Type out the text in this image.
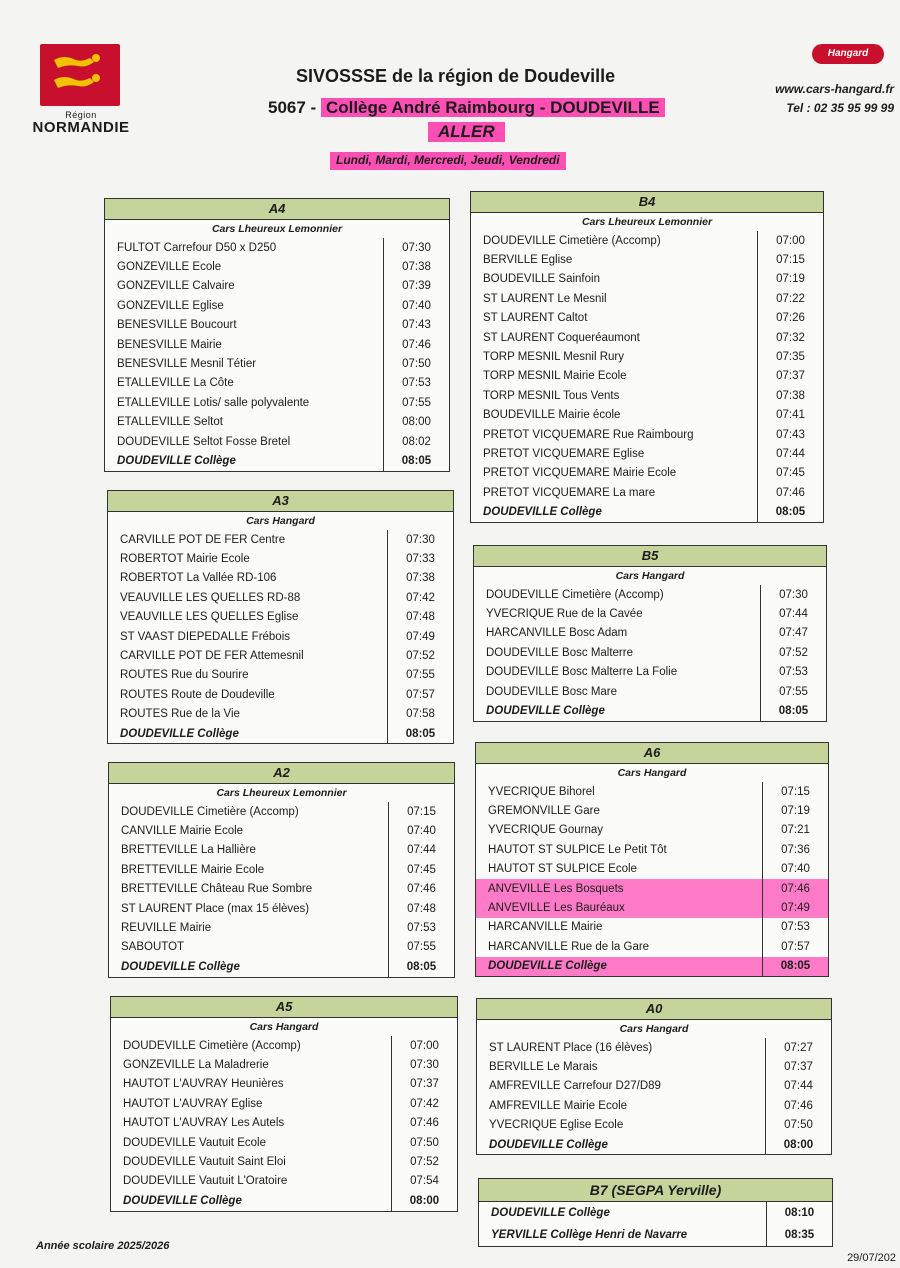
Région
NORMANDIE
SIVOSSSE de la région de Doudeville
5067 - Collège André Raimbourg - DOUDEVILLE
ALLER
Lundi, Mardi, Mercredi, Jeudi, Vendredi
Hangard
www.cars-hangard.fr
Tel : 02 35 95 99 99
A4
Cars Lheureux Lemonnier
FULTOT Carrefour D50 x D250	07:30
GONZEVILLE Ecole	07:38
GONZEVILLE Calvaire	07:39
GONZEVILLE Eglise	07:40
BENESVILLE Boucourt	07:43
BENESVILLE Mairie	07:46
BENESVILLE Mesnil Tétier	07:50
ETALLEVILLE La Côte	07:53
ETALLEVILLE Lotis/ salle polyvalente	07:55
ETALLEVILLE Seltot	08:00
DOUDEVILLE Seltot Fosse Bretel	08:02
DOUDEVILLE Collège	08:05
A3
Cars Hangard
CARVILLE POT DE FER Centre	07:30
ROBERTOT Mairie Ecole	07:33
ROBERTOT La Vallée RD-106	07:38
VEAUVILLE LES QUELLES RD-88	07:42
VEAUVILLE LES QUELLES Eglise	07:48
ST VAAST DIEPEDALLE Frébois	07:49
CARVILLE POT DE FER Attemesnil	07:52
ROUTES Rue du Sourire	07:55
ROUTES Route de Doudeville	07:57
ROUTES Rue de la Vie	07:58
DOUDEVILLE Collège	08:05
A2
Cars Lheureux Lemonnier
DOUDEVILLE Cimetière (Accomp)	07:15
CANVILLE Mairie Ecole	07:40
BRETTEVILLE La Hallière	07:44
BRETTEVILLE Mairie Ecole	07:45
BRETTEVILLE Château Rue Sombre	07:46
ST LAURENT Place (max 15 élèves)	07:48
REUVILLE Mairie	07:53
SABOUTOT	07:55
DOUDEVILLE Collège	08:05
A5
Cars Hangard
DOUDEVILLE Cimetière (Accomp)	07:00
GONZEVILLE La Maladrerie	07:30
HAUTOT L'AUVRAY Heunières	07:37
HAUTOT L'AUVRAY Eglise	07:42
HAUTOT L'AUVRAY Les Autels	07:46
DOUDEVILLE Vautuit Ecole	07:50
DOUDEVILLE Vautuit Saint Eloi	07:52
DOUDEVILLE Vautuit L'Oratoire	07:54
DOUDEVILLE Collège	08:00
B4
Cars Lheureux Lemonnier
DOUDEVILLE Cimetière (Accomp)	07:00
BERVILLE Eglise	07:15
BOUDEVILLE Sainfoin	07:19
ST LAURENT Le Mesnil	07:22
ST LAURENT Caltot	07:26
ST LAURENT Coqueréaumont	07:32
TORP MESNIL Mesnil Rury	07:35
TORP MESNIL Mairie Ecole	07:37
TORP MESNIL Tous Vents	07:38
BOUDEVILLE Mairie école	07:41
PRETOT VICQUEMARE Rue Raimbourg	07:43
PRETOT VICQUEMARE Eglise	07:44
PRETOT VICQUEMARE Mairie Ecole	07:45
PRETOT VICQUEMARE La mare	07:46
DOUDEVILLE Collège	08:05
B5
Cars Hangard
DOUDEVILLE Cimetière (Accomp)	07:30
YVECRIQUE Rue de la Cavée	07:44
HARCANVILLE Bosc Adam	07:47
DOUDEVILLE Bosc Malterre	07:52
DOUDEVILLE Bosc Malterre La Folie	07:53
DOUDEVILLE Bosc Mare	07:55
DOUDEVILLE Collège	08:05
A6
Cars Hangard
YVECRIQUE Bihorel	07:15
GREMONVILLE Gare	07:19
YVECRIQUE Gournay	07:21
HAUTOT ST SULPICE Le Petit Tôt	07:36
HAUTOT ST SULPICE Ecole	07:40
ANVEVILLE Les Bosquets	07:46
ANVEVILLE Les Bauréaux	07:49
HARCANVILLE Mairie	07:53
HARCANVILLE Rue de la Gare	07:57
DOUDEVILLE Collège	08:05
A0
Cars Hangard
ST LAURENT Place (16 élèves)	07:27
BERVILLE Le Marais	07:37
AMFREVILLE Carrefour D27/D89	07:44
AMFREVILLE Mairie Ecole	07:46
YVECRIQUE Eglise Ecole	07:50
DOUDEVILLE Collège	08:00
B7 (SEGPA Yerville)
DOUDEVILLE Collège	08:10
YERVILLE Collège Henri de Navarre	08:35
Année scolaire 2025/2026
29/07/202
